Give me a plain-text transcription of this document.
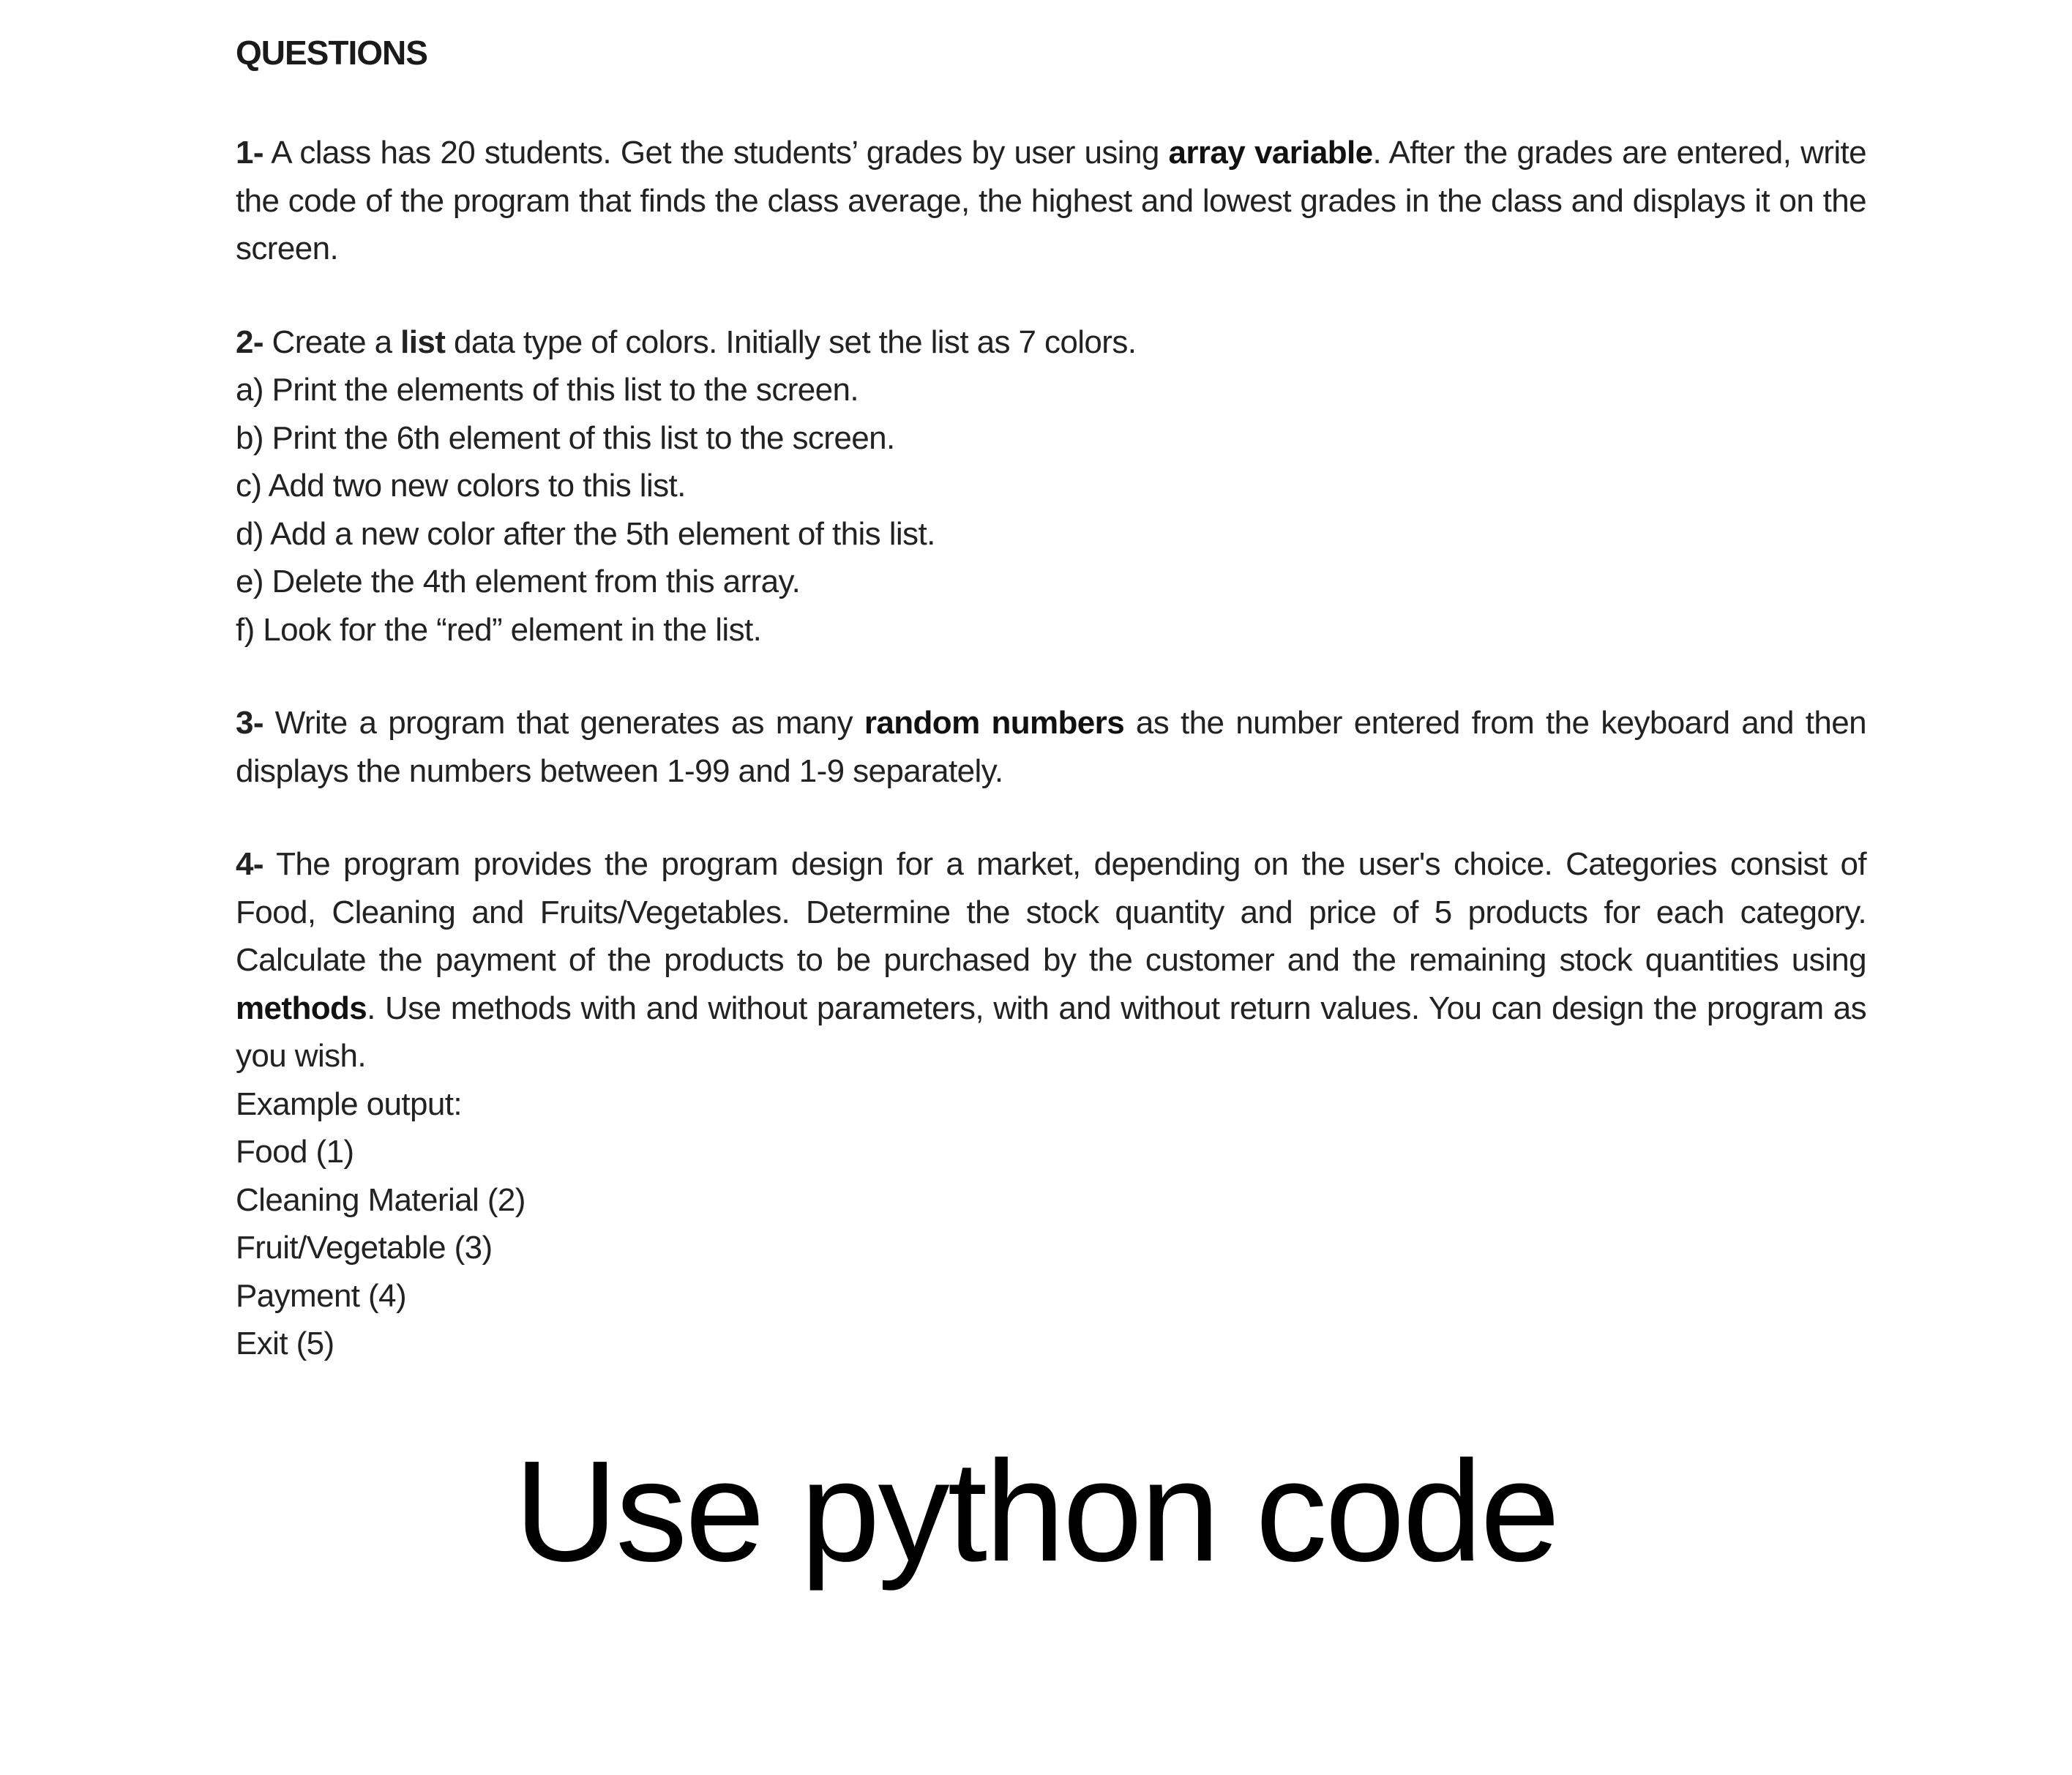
QUESTIONS

1- A class has 20 students. Get the students’ grades by user using array variable. After the grades are entered, write the code of the program that finds the class average, the highest and lowest grades in the class and displays it on the screen.

2- Create a list data type of colors. Initially set the list as 7 colors.
a) Print the elements of this list to the screen.
b) Print the 6th element of this list to the screen.
c) Add two new colors to this list.
d) Add a new color after the 5th element of this list.
e) Delete the 4th element from this array.
f) Look for the “red” element in the list.

3- Write a program that generates as many random numbers as the number entered from the keyboard and then displays the numbers between 1-99 and 1-9 separately.

4- The program provides the program design for a market, depending on the user's choice. Categories consist of Food, Cleaning and Fruits/Vegetables. Determine the stock quantity and price of 5 products for each category. Calculate the payment of the products to be purchased by the customer and the remaining stock quantities using methods. Use methods with and without parameters, with and without return values. You can design the program as you wish.

Example output:
Food (1)
Cleaning Material (2)
Fruit/Vegetable (3)
Payment (4)
Exit (5)
Use python code
